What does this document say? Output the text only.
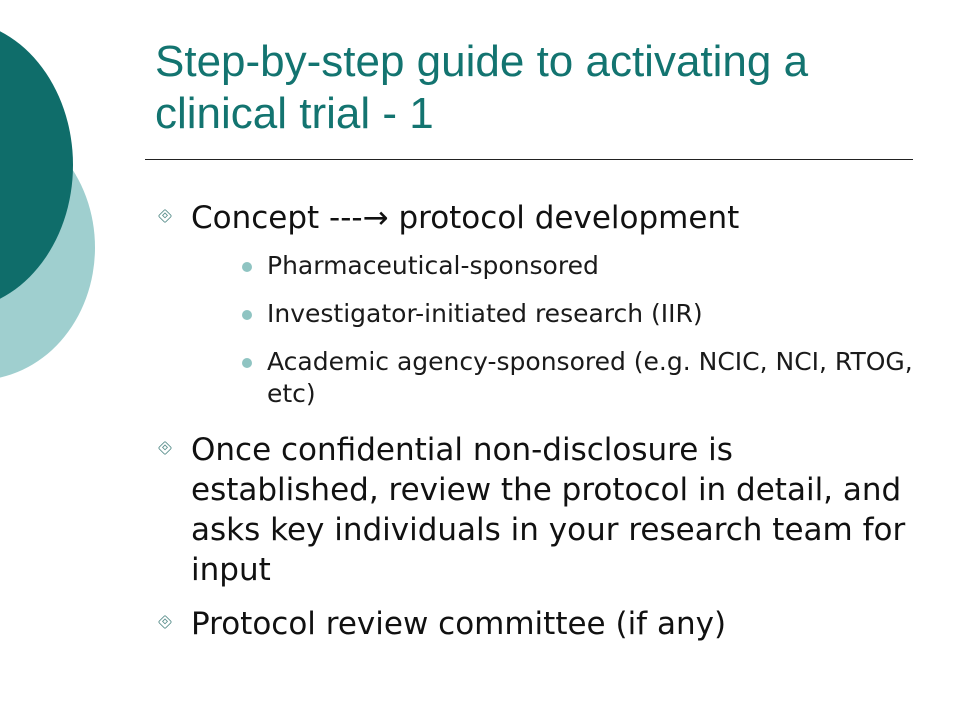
Step-by-step guide to activating a clinical trial - 1
Concept ---→ protocol development
Pharmaceutical-sponsored
Investigator-initiated research (IIR)
Academic agency-sponsored (e.g. NCIC, NCI, RTOG, etc)
Once confidential non-disclosure is established, review the protocol in detail, and asks key individuals in your research team for input
Protocol review committee (if any)
